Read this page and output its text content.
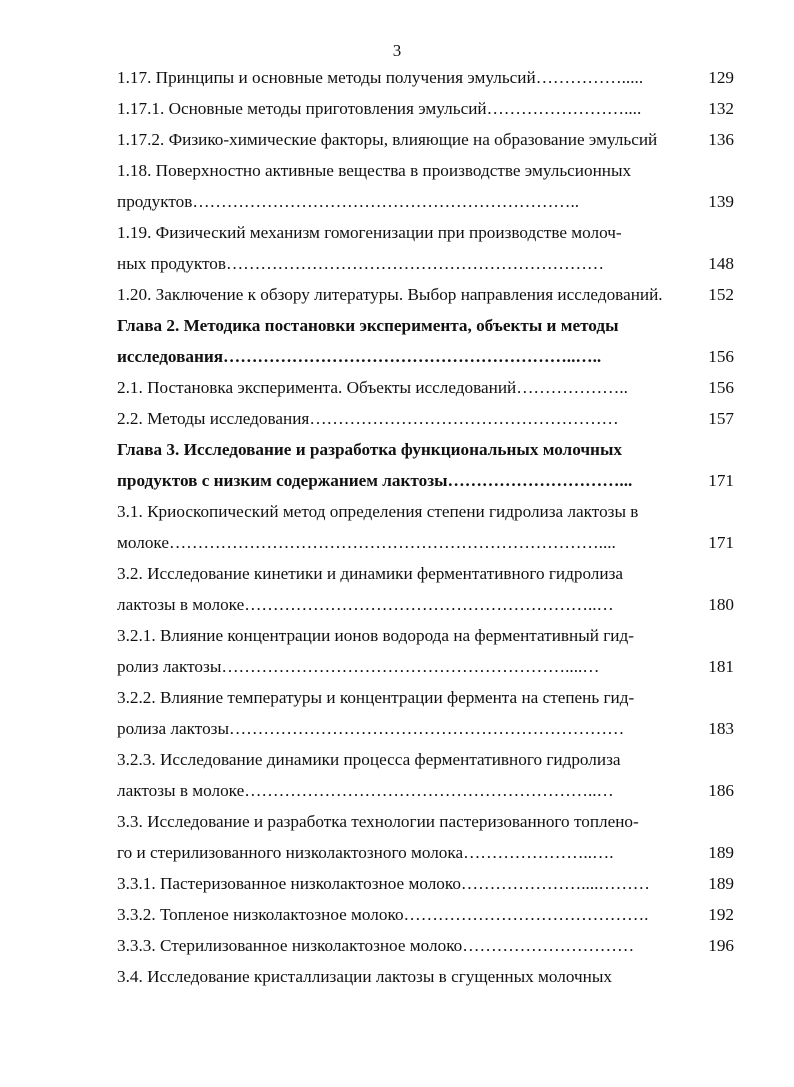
3
1.17. Принципы и основные методы получения эмульсий…………….....	129
1.17.1. Основные методы приготовления эмульсий……………………....	132
1.17.2. Физико-химические факторы, влияющие на образование эмульсий	136
1.18. Поверхностно активные вещества в производстве эмульсионных
продуктов…………………………………………………………..	139
1.19. Физический механизм гомогенизации при производстве молоч-
ных продуктов…………………………………………………………	148
1.20. Заключение к обзору литературы. Выбор направления исследований.	152
Глава 2. Методика постановки эксперимента, объекты и методы
исследования……………………………………………………..…..	156
2.1. Постановка эксперимента. Объекты исследований………………..	156
2.2. Методы исследования………………………………………………	157
Глава 3. Исследование и разработка функциональных молочных
продуктов с низким содержанием лактозы…………………………...	171
3.1. Криоскопический метод определения степени гидролиза лактозы в
молоке…………………………………………………………………....	171
3.2. Исследование кинетики и динамики ферментативного гидролиза
лактозы в молоке……………………………………………………..…	180
3.2.1. Влияние концентрации ионов водорода на ферментативный гид-
ролиз лактозы……………………………………………………....…	181
3.2.2. Влияние температуры и концентрации фермента на степень гид-
ролиза лактозы……………………………………………………………	183
3.2.3. Исследование динамики процесса ферментативного гидролиза
лактозы в молоке……………………………………………………..…	186
3.3. Исследование и разработка технологии пастеризованного топлено-
го и стерилизованного низколактозного молока…………………..….	189
3.3.1. Пастеризованное низколактозное молоко…………………....………	189
3.3.2. Топленое низколактозное молоко…………………………………….	192
3.3.3. Стерилизованное низколактозное молоко…………………………	196
3.4. Исследование кристаллизации лактозы в сгущенных молочных
